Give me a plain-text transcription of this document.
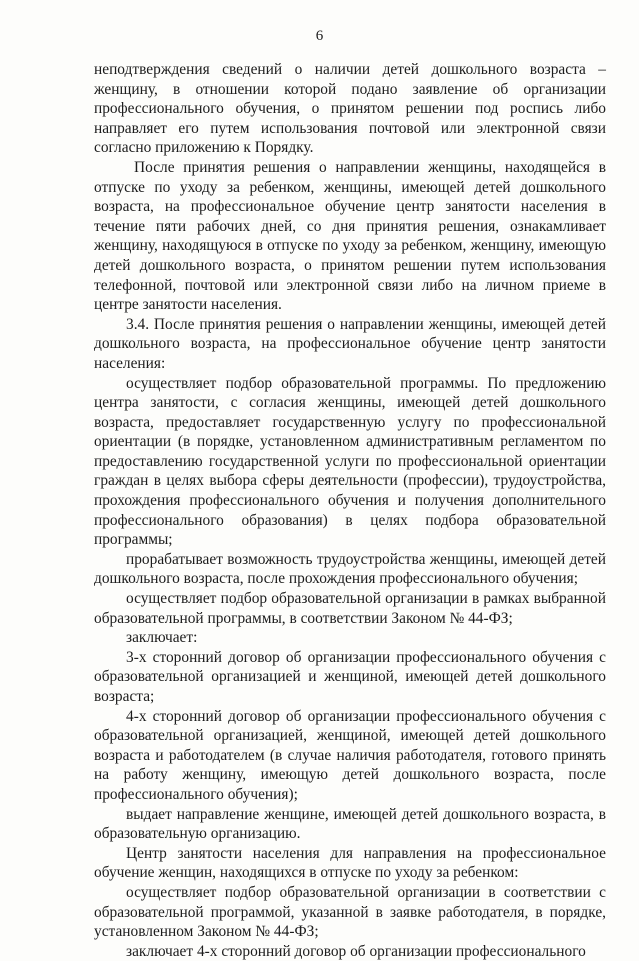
6

неподтверждения сведений о наличии детей дошкольного возраста – женщину, в отношении которой подано заявление об организации профессионального обучения, о принятом решении под роспись либо направляет его путем использования почтовой или электронной связи согласно приложению к Порядку.

После принятия решения о направлении женщины, находящейся в отпуске по уходу за ребенком, женщины, имеющей детей дошкольного возраста, на профессиональное обучение центр занятости населения в течение пяти рабочих дней, со дня принятия решения, ознакамливает женщину, находящуюся в отпуске по уходу за ребенком, женщину, имеющую детей дошкольного возраста, о принятом решении путем использования телефонной, почтовой или электронной связи либо на личном приеме в центре занятости населения.

3.4. После принятия решения о направлении женщины, имеющей детей дошкольного возраста, на профессиональное обучение центр занятости населения:

осуществляет подбор образовательной программы. По предложению центра занятости, с согласия женщины, имеющей детей дошкольного возраста, предоставляет государственную услугу по профессиональной ориентации (в порядке, установленном административным регламентом по предоставлению государственной услуги по профессиональной ориентации граждан в целях выбора сферы деятельности (профессии), трудоустройства, прохождения профессионального обучения и получения дополнительного профессионального образования) в целях подбора образовательной программы;

прорабатывает возможность трудоустройства женщины, имеющей детей дошкольного возраста, после прохождения профессионального обучения;

осуществляет подбор образовательной организации в рамках выбранной образовательной программы, в соответствии Законом № 44-ФЗ;

заключает:

3-х сторонний договор об организации профессионального обучения с образовательной организацией и женщиной, имеющей детей дошкольного возраста;

4-х сторонний договор об организации профессионального обучения с образовательной организацией, женщиной, имеющей детей дошкольного возраста и работодателем (в случае наличия работодателя, готового принять на работу женщину, имеющую детей дошкольного возраста, после профессионального обучения);

выдает направление женщине, имеющей детей дошкольного возраста, в образовательную организацию.

Центр занятости населения для направления на профессиональное обучение женщин, находящихся в отпуске по уходу за ребенком:

осуществляет подбор образовательной организации в соответствии с образовательной программой, указанной в заявке работодателя, в порядке, установленном Законом № 44-ФЗ;

заключает 4-х сторонний договор об организации профессионального
